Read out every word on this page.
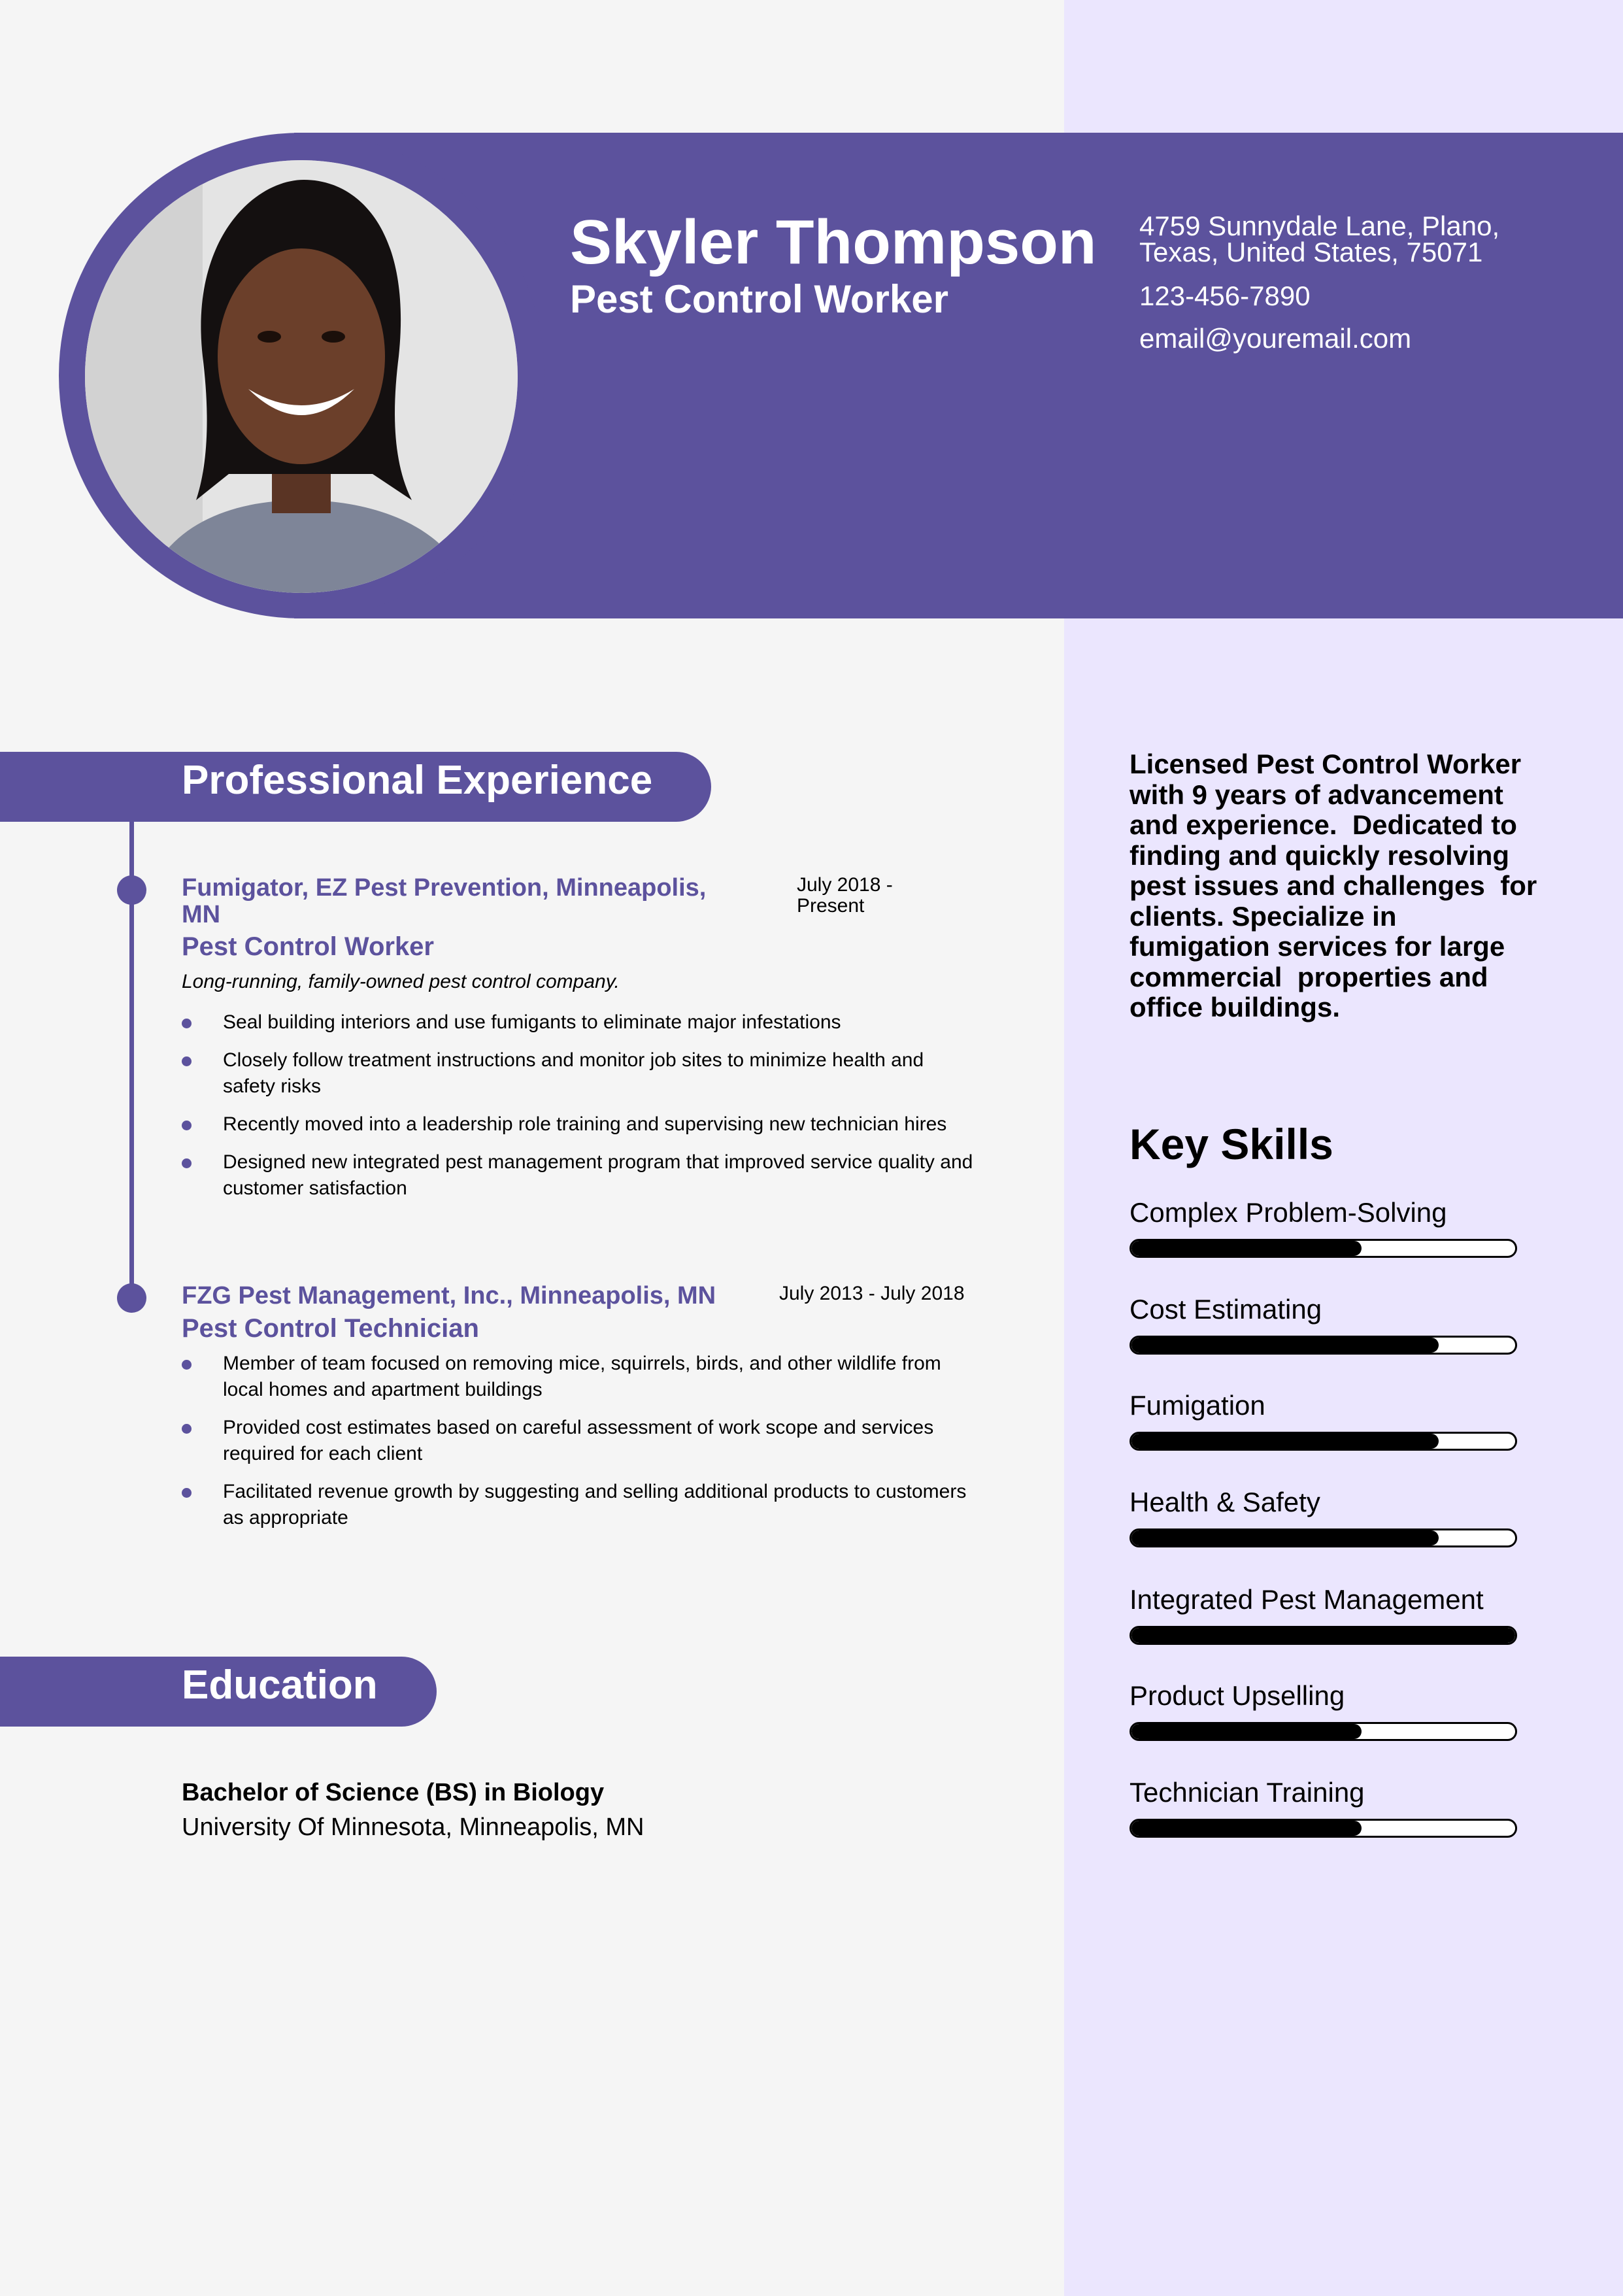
Skyler Thompson
Pest Control Worker
4759 Sunnydale Lane, Plano, Texas, United States, 75071
123-456-7890
email@youremail.com
Professional Experience
Fumigator, EZ Pest Prevention, Minneapolis, MN
July 2018 - Present
Pest Control Worker
Long-running, family-owned pest control company.
Seal building interiors and use fumigants to eliminate major infestations
Closely follow treatment instructions and monitor job sites to minimize health and safety risks
Recently moved into a leadership role training and supervising new technician hires
Designed new integrated pest management program that improved service quality and customer satisfaction
FZG Pest Management, Inc., Minneapolis, MN	July 2013 - July 2018
Pest Control Technician
Member of team focused on removing mice, squirrels, birds, and other wildlife from local homes and apartment buildings
Provided cost estimates based on careful assessment of work scope and services required for each client
Facilitated revenue growth by suggesting and selling additional products to customers as appropriate
Education
Bachelor of Science (BS) in Biology
University Of Minnesota, Minneapolis, MN
Licensed Pest Control Worker with 9 years of advancement and experience.  Dedicated to finding and quickly resolving pest issues and challenges  for clients. Specialize in fumigation services for large commercial  properties and office buildings.
Key Skills
Complex Problem-Solving
Cost Estimating
Fumigation
Health & Safety
Integrated Pest Management
Product Upselling
Technician Training
